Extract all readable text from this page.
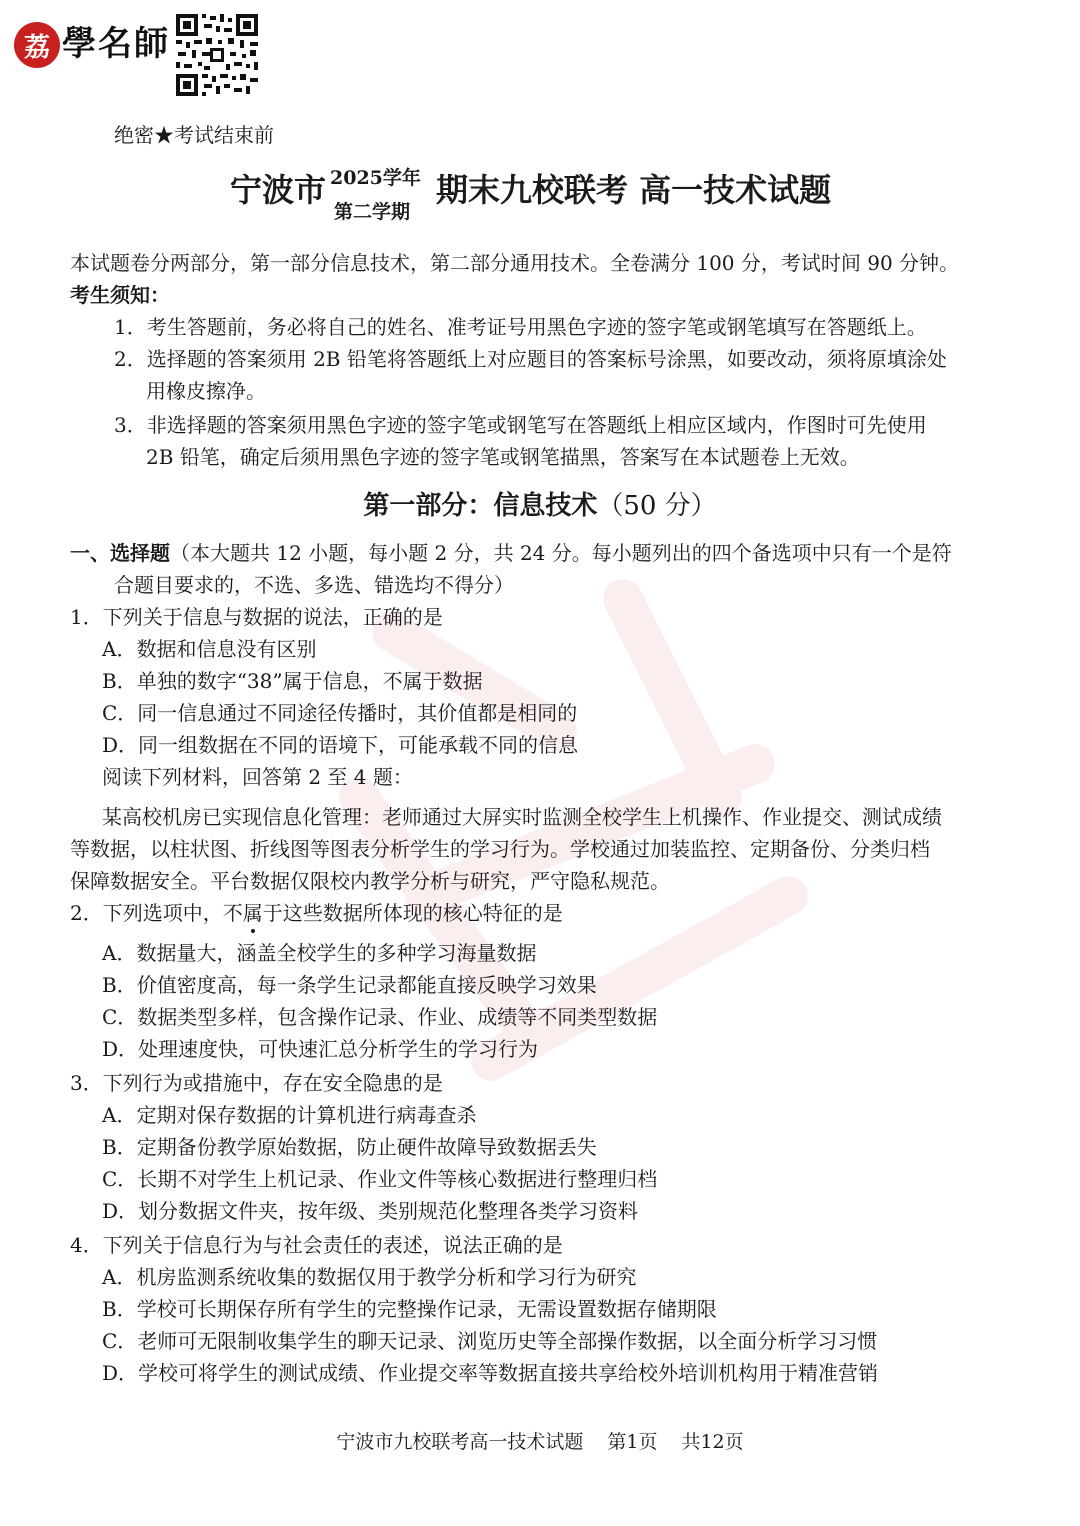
荔 學名師
绝密★考试结束前
宁波市 2025学年
第二学期
期末九校联考 高一技术试题
本试题卷分两部分，第一部分信息技术，第二部分通用技术。全卷满分 100 分，考试时间 90 分钟。
考生须知：
1．考生答题前，务必将自己的姓名、准考证号用黑色字迹的签字笔或钢笔填写在答题纸上。
2．选择题的答案须用 2B 铅笔将答题纸上对应题目的答案标号涂黑，如要改动，须将原填涂处
用橡皮擦净。
3．非选择题的答案须用黑色字迹的签字笔或钢笔写在答题纸上相应区域内，作图时可先使用
2B 铅笔，确定后须用黑色字迹的签字笔或钢笔描黑，答案写在本试题卷上无效。
第一部分：信息技术（50 分）
一、选择题（本大题共 12 小题，每小题 2 分，共 24 分。每小题列出的四个备选项中只有一个是符
合题目要求的，不选、多选、错选均不得分）
1．下列关于信息与数据的说法，正确的是
A．数据和信息没有区别
B．单独的数字“38”属于信息，不属于数据
C．同一信息通过不同途径传播时，其价值都是相同的
D．同一组数据在不同的语境下，可能承载不同的信息
阅读下列材料，回答第 2 至 4 题：
某高校机房已实现信息化管理：老师通过大屏实时监测全校学生上机操作、作业提交、测试成绩
等数据，以柱状图、折线图等图表分析学生的学习行为。学校通过加装监控、定期备份、分类归档
保障数据安全。平台数据仅限校内教学分析与研究，严守隐私规范。
2．下列选项中，不属于这些数据所体现的核心特征的是
A．数据量大，涵盖全校学生的多种学习海量数据
B．价值密度高，每一条学生记录都能直接反映学习效果
C．数据类型多样，包含操作记录、作业、成绩等不同类型数据
D．处理速度快，可快速汇总分析学生的学习行为
3．下列行为或措施中，存在安全隐患的是
A．定期对保存数据的计算机进行病毒查杀
B．定期备份教学原始数据，防止硬件故障导致数据丢失
C．长期不对学生上机记录、作业文件等核心数据进行整理归档
D．划分数据文件夹，按年级、类别规范化整理各类学习资料
4．下列关于信息行为与社会责任的表述，说法正确的是
A．机房监测系统收集的数据仅用于教学分析和学习行为研究
B．学校可长期保存所有学生的完整操作记录，无需设置数据存储期限
C．老师可无限制收集学生的聊天记录、浏览历史等全部操作数据，以全面分析学习习惯
D．学校可将学生的测试成绩、作业提交率等数据直接共享给校外培训机构用于精准营销
宁波市九校联考高一技术试题 第1页 共12页
